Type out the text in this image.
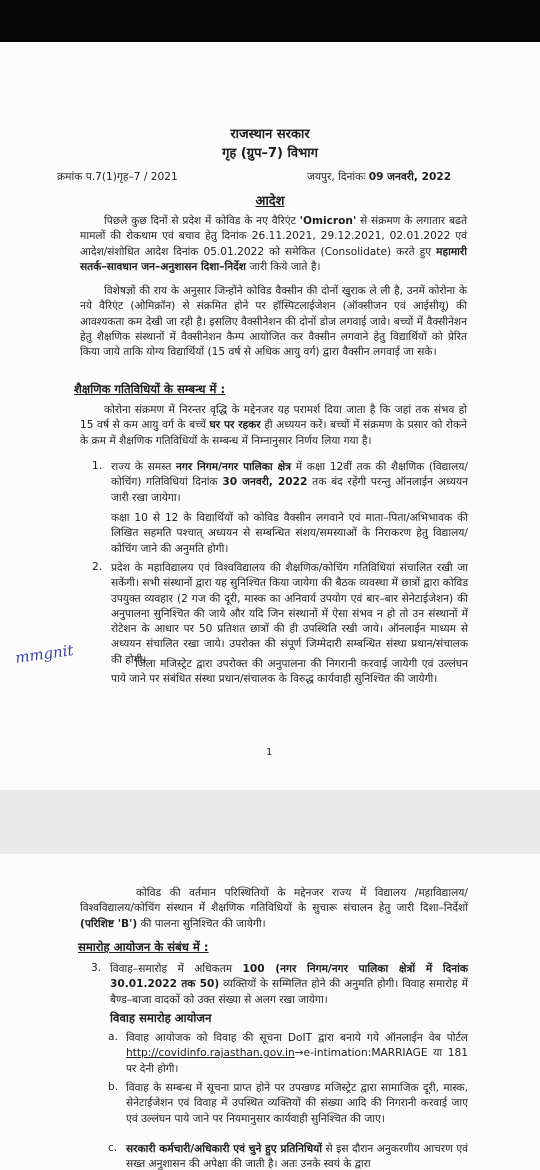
राजस्थान सरकार
गृह (ग्रुप–7) विभाग
क्रमांक प.7(1)गृह–7 / 2021	जयपुर, दिनांकः 09 जनवरी, 2022
आदेश
पिछले कुछ दिनों से प्रदेश में कोविड के नए वैरिएंट 'Omicron' से संक्रमण के लगातार बढते मामलों की रोकथाम एवं बचाव हेतु दिनांक 26.11.2021, 29.12.2021, 02.01.2022 एवं आदेश/संशोधित आदेश दिनांक 05.01.2022 को समेकित (Consolidate) करते हुए महामारी सतर्क–सावधान जन–अनुशासन दिशा–निर्देश जारी किये जाते है।
विशेषज्ञों की राय के अनुसार जिन्होंने कोविड वैक्सीन की दोनों खुराक ले ली है, उनमें कोरोना के नये वैरिएंट (ओमिक्रॉन) से संक्रमित होने पर हॉस्पिटलाईजेशन (ऑक्सीजन एवं आईसीयू) की आवश्यकता कम देखी जा रही है। इसलिए वैक्सीनेशन की दोनों डोज लगवाई जावे। बच्चों में वैक्सीनेशन हेतु शैक्षणिक संस्थानों में वैक्सीनेशन कैम्प आयोजित कर वैक्सीन लगवाने हेतु विद्यार्थियों को प्रेरित किया जाये ताकि योग्य विद्यार्थियों (15 वर्ष से अधिक आयु वर्ग) द्वारा वैक्सीन लगवाई जा सके।
शैक्षणिक गतिविधियों के सम्बन्ध में :
कोरोना संक्रमण में निरन्तर वृद्धि के मद्देनजर यह परामर्श दिया जाता है कि जहां तक संभव हो 15 वर्ष से कम आयु वर्ग के बच्चें घर पर रहकर ही अध्ययन करें। बच्चों में संक्रमण के प्रसार को रोकने के क्रम में शैक्षणिक गतिविधियों के सम्बन्ध में निम्नानुसार निर्णय लिया गया है।
1. राज्य के समस्त नगर निगम/नगर पालिका क्षेत्र में कक्षा 12वीं तक की शैक्षणिक (विद्यालय/कोचिंग) गतिविधियां दिनांक 30 जनवरी, 2022 तक बंद रहेंगी परन्तु ऑनलाईन अध्ययन जारी रखा जायेगा।
कक्षा 10 से 12 के विद्यार्थियों को कोविड वैक्सीन लगवाने एवं माता–पिता/अभिभावक की लिखित सहमति पश्चात् अध्ययन से सम्बन्धित संशय/समस्याओं के निराकरण हेतु विद्यालय/कोचिंग जाने की अनुमति होगी।
2. प्रदेश के महाविद्यालय एवं विश्वविद्यालय की शैक्षणिक/कोचिंग गतिविधियां संचालित रखी जा सकेंगी। सभी संस्थानों द्वारा यह सुनिश्चित किया जायेगा की बैठक व्यवस्था में छात्रों द्वारा कोविड उपयुक्त व्यवहार (2 गज की दूरी, मास्क का अनिवार्य उपयोग एवं बार–बार सेनेटाईजेशन) की अनुपालना सुनिश्चित की जाये और यदि जिन संस्थानों में ऐसा संभव न हो तो उन संस्थानों में रोटेशन के आधार पर 50 प्रतिशत छात्रों की ही उपस्थिति रखी जाये। ऑनलाईन माध्यम से अध्ययन संचालित रखा जाये। उपरोक्त की संपूर्ण जिम्मेदारी सम्बन्धित संस्था प्रधान/संचालक की होगी।
जिला मजिस्ट्रेट द्वारा उपरोक्त की अनुपालना की निगरानी करवाई जायेगी एवं उल्लंघन पाये जाने पर संबंधित संस्था प्रधान/संचालक के विरुद्ध कार्यवाही सुनिश्चित की जायेगी।
mmgnit
1
कोविड की वर्तमान परिस्थितियों के मद्देनजर राज्य में विद्यालय /महाविद्यालय/विश्वविद्यालय/कोचिंग संस्थान में शैक्षणिक गतिविधियों के सुचारू संचालन हेतु जारी दिशा–निर्देशों (परिशिष्ट 'B') की पालना सुनिश्चित की जायेगी।
समारोह आयोजन के संबंध में :
3. विवाह–समारोह में अधिकतम 100 (नगर निगम/नगर पालिका क्षेत्रों में दिनांक 30.01.2022 तक 50) व्यक्तियों के सम्मिलित होने की अनुमति होगी। विवाह समारोह में बैण्ड–बाजा वादकों को उक्त संख्या से अलग रखा जायेगा।
विवाह समारोह आयोजन
a. विवाह आयोजक को विवाह की सूचना DoIT द्वारा बनाये गये ऑनलाईन वेब पोर्टल http://covidinfo.rajasthan.gov.in→e-intimation:MARRIAGE या 181 पर देनी होगी।
b. विवाह के सम्बन्ध में सूचना प्राप्त होने पर उपखण्ड मजिस्ट्रेट द्वारा सामाजिक दूरी, मास्क, सेनेटाईजेशन एवं विवाह में उपस्थित व्यक्तियों की संख्या आदि की निगरानी करवाई जाए एवं उल्लंघन पाये जाने पर नियमानुसार कार्यवाही सुनिश्चित की जाए।
c. सरकारी कर्मचारी/अधिकारी एवं चुने हुए प्रतिनिधियों से इस दौरान अनुकरणीय आचरण एवं सख्त अनुशासन की अपेक्षा की जाती है। अतः उनके स्वयं के द्वारा
